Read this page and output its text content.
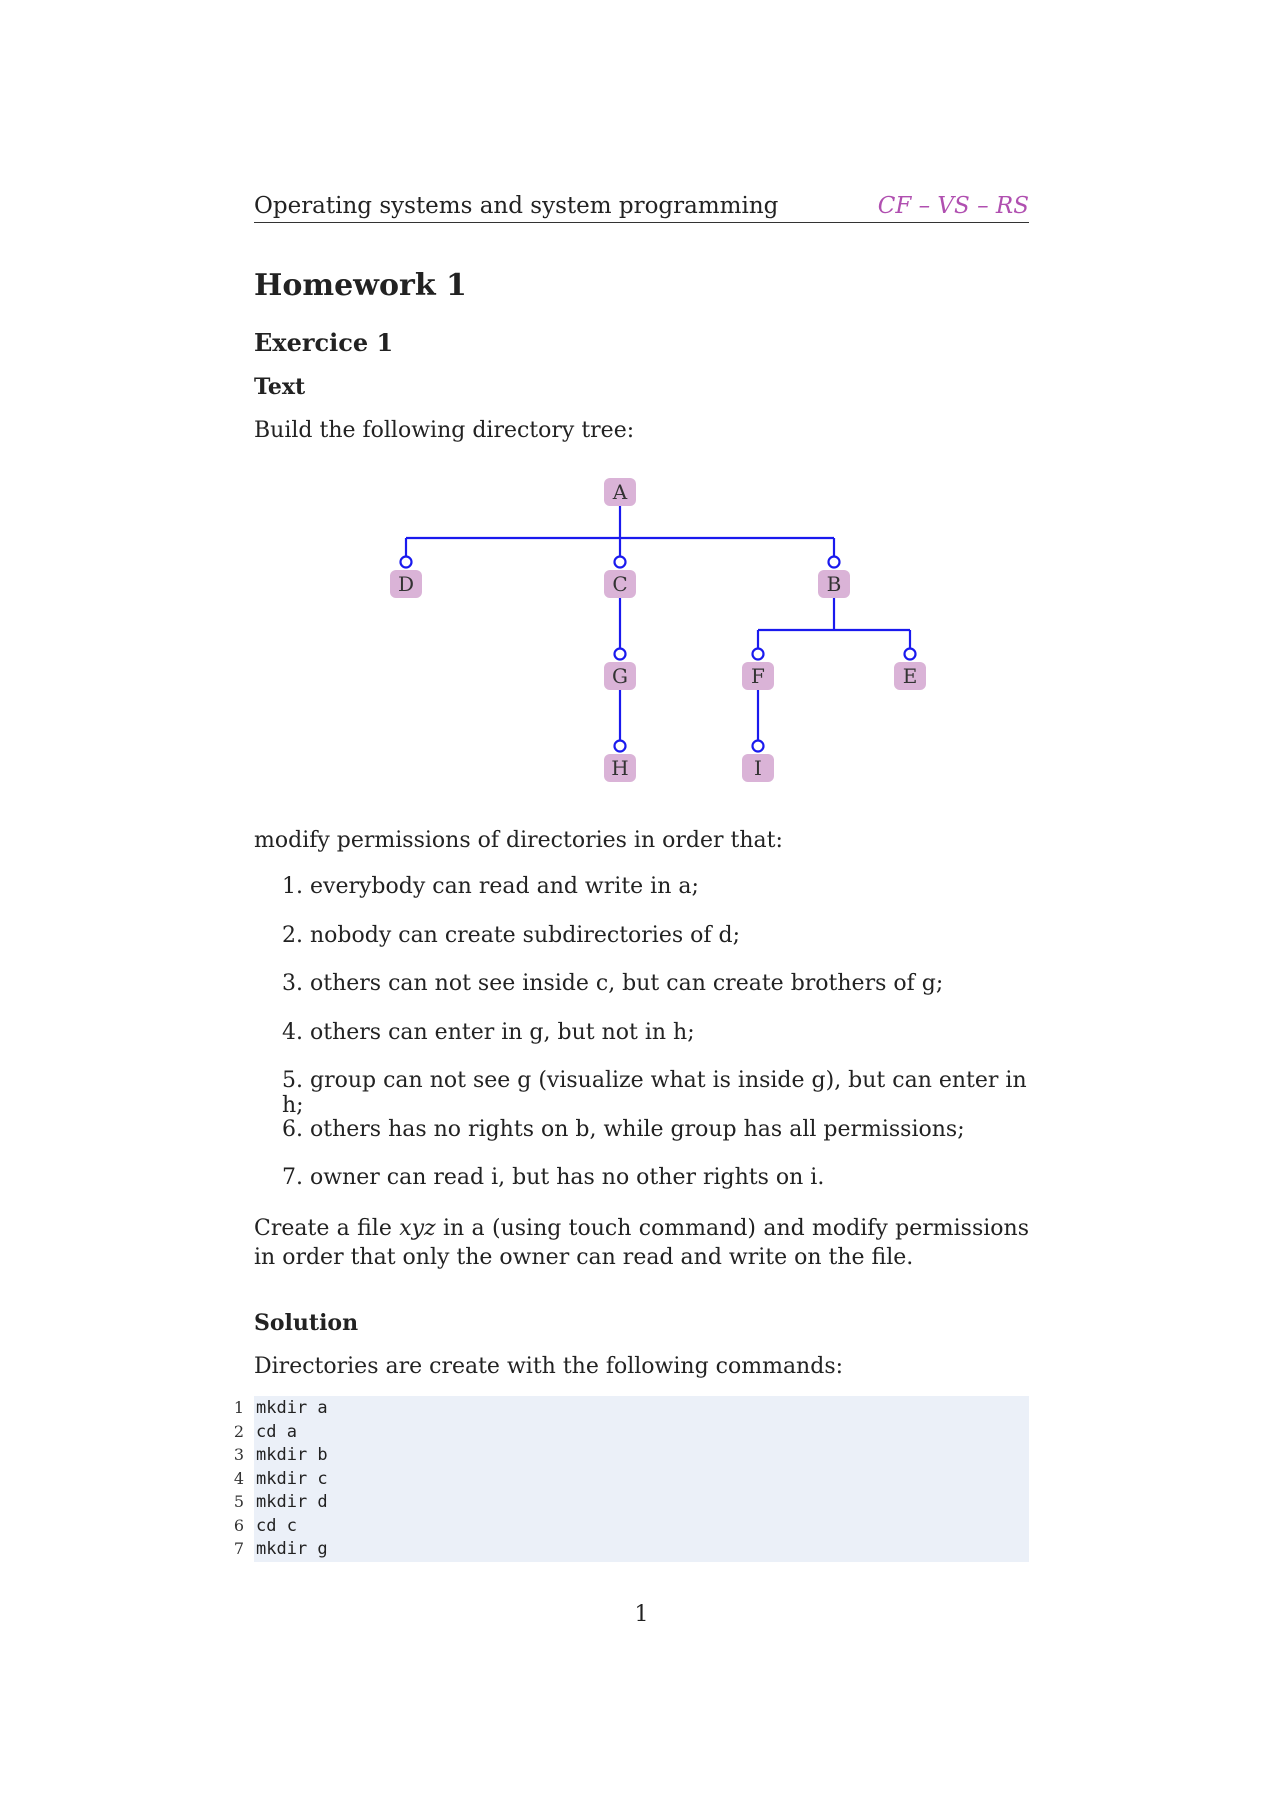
Operating systems and system programming	CF – VS – RS
Homework 1
Exercice 1
Text

Build the following directory tree:

A
D	C	B
G	F	E
H	I

modify permissions of directories in order that:

1. everybody can read and write in a;
2. nobody can create subdirectories of d;
3. others can not see inside c, but can create brothers of g;
4. others can enter in g, but not in h;
5. group can not see g (visualize what is inside g), but can enter in h;
6. others has no rights on b, while group has all permissions;
7. owner can read i, but has no other rights on i.

Create a file xyz in a (using touch command) and modify permissions in order that only the owner can read and write on the file.

Solution

Directories are create with the following commands:

1 mkdir a
2 cd a
3 mkdir b
4 mkdir c
5 mkdir d
6 cd c
7 mkdir g
1
